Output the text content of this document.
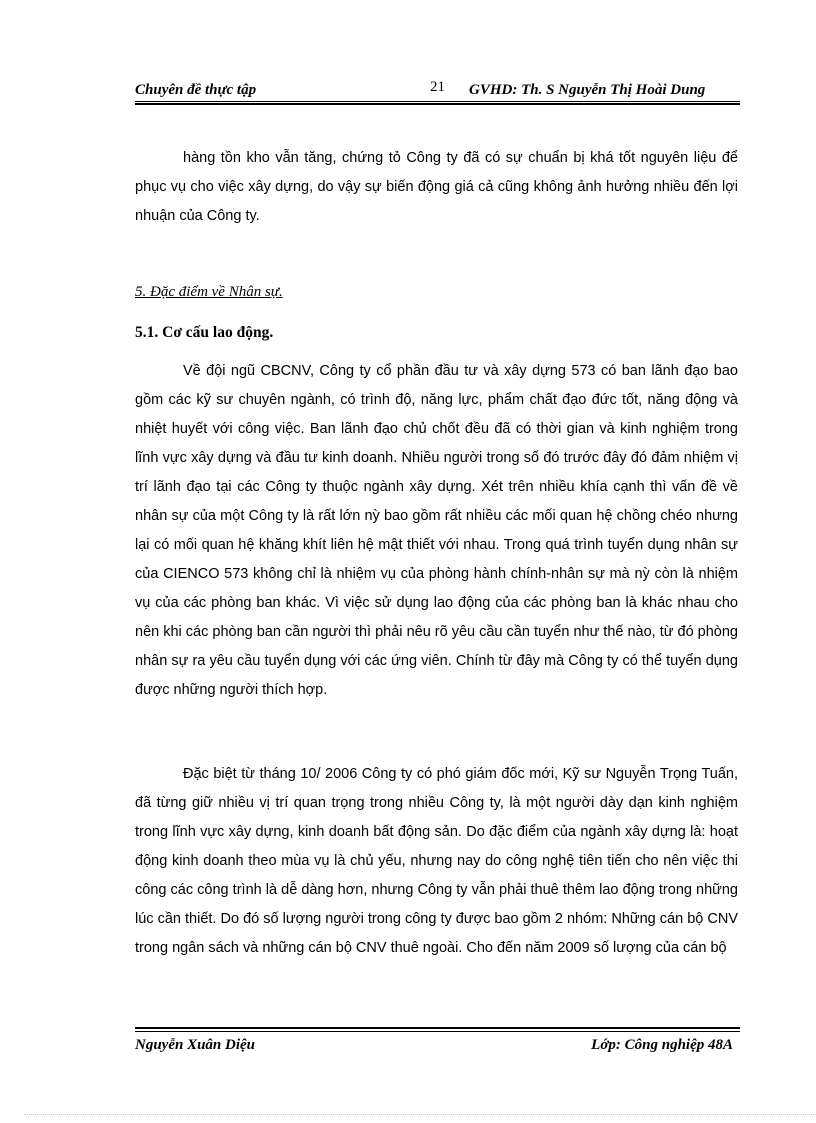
Chuyên đề thực tập	21 GVHD: Th. S Nguyễn Thị Hoài Dung

hàng tồn kho vẫn tăng, chứng tỏ Công ty đã có sự chuẩn bị khá tốt nguyên liệu để phục vụ cho việc xây dựng, do vậy sự biến động giá cả cũng không ảnh hưởng nhiều đến lợi nhuận của Công ty.

5. Đặc điểm về Nhân sự.
5.1. Cơ cấu lao động.

Về đội ngũ CBCNV, Công ty cổ phần đầu tư và xây dựng 573 có ban lãnh đạo bao gồm các kỹ sư chuyên ngành, có trình độ, năng lực, phẩm chất đạo đức tốt, năng động và nhiệt huyết với công việc. Ban lãnh đạo chủ chốt đều đã có thời gian và kinh nghiệm trong lĩnh vực xây dựng và đầu tư kinh doanh. Nhiều người trong số đó trước đây đó đảm nhiệm vị trí lãnh đạo tại các Công ty thuộc ngành xây dựng. Xét trên nhiều khía cạnh thì vấn đề về nhân sự của một Công ty là rất lớn nỳ bao gồm rất nhiều các mối quan hệ chồng chéo nhưng lại có mối quan hệ khăng khít liên hệ mật thiết với nhau. Trong quá trình tuyển dụng nhân sự của CIENCO 573 không chỉ là nhiệm vụ của phòng hành chính-nhân sự mà nỳ còn là nhiệm vụ của các phòng ban khác. Vì việc sử dụng lao động của các phòng ban là khác nhau cho nên khi các phòng ban cần người thì phải nêu rõ yêu cầu cần tuyển như thế nào, từ đó phòng nhân sự ra yêu cầu tuyển dụng với các ứng viên. Chính từ đây mà Công ty có thể tuyển dụng được những người thích hợp.

Đặc biệt từ tháng 10/ 2006 Công ty có phó giám đốc mới, Kỹ sư Nguyễn Trọng Tuấn, đã từng giữ nhiều vị trí quan trọng trong nhiều Công ty, là một người dày dạn kinh nghiệm trong lĩnh vực xây dựng, kinh doanh bất động sản. Do đặc điểm của ngành xây dựng là: hoạt động kinh doanh theo mùa vụ là chủ yếu, nhưng nay do công nghệ tiên tiến cho nên việc thi công các công trình là dễ dàng hơn, nhưng Công ty vẫn phải thuê thêm lao động trong những lúc cần thiết. Do đó số lượng người trong công ty được bao gồm 2 nhóm: Những cán bộ CNV trong ngân sách và những cán bộ CNV thuê ngoài. Cho đến năm 2009 số lượng của cán bộ

Nguyễn Xuân Diệu	Lớp: Công nghiệp 48A
